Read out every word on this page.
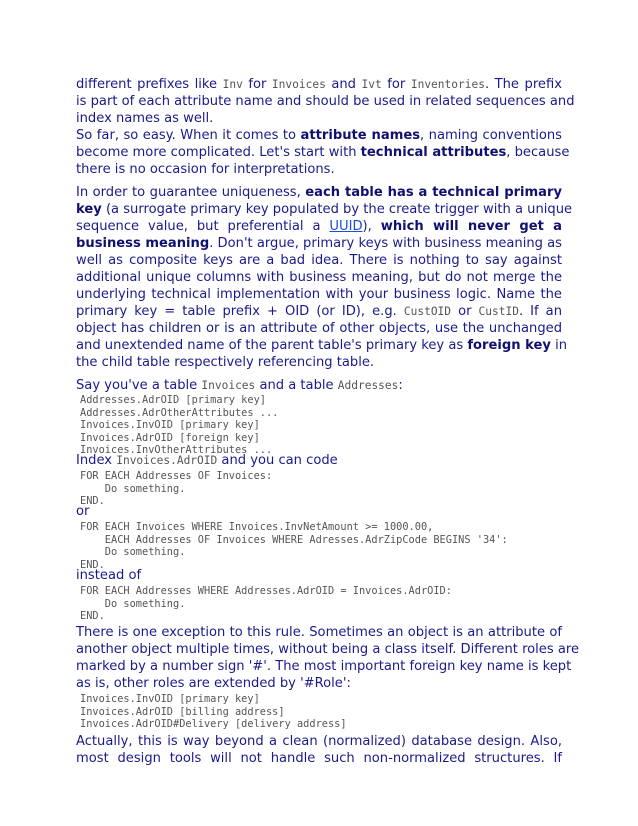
different prefixes like Inv for Invoices and Ivt for Inventories. The prefix

is part of each attribute name and should be used in related sequences and

index names as well.

So far, so easy. When it comes to attribute names, naming conventions

become more complicated. Let's start with technical attributes, because

there is no occasion for interpretations.

In order to guarantee uniqueness, each table has a technical primary

key (a surrogate primary key populated by the create trigger with a unique

sequence value, but preferential a UUID), which will never get a

business meaning. Don't argue, primary keys with business meaning as

well as composite keys are a bad idea. There is nothing to say against

additional unique columns with business meaning, but do not merge the

underlying technical implementation with your business logic. Name the

primary key = table prefix + OID (or ID), e.g. CustOID or CustID. If an

object has children or is an attribute of other objects, use the unchanged

and unextended name of the parent table's primary key as foreign key in

the child table respectively referencing table.

Say you've a table Invoices and a table Addresses:

Addresses.AdrOID [primary key]
Addresses.AdrOtherAttributes ...
Invoices.InvOID [primary key]
Invoices.AdrOID [foreign key]
Invoices.InvOtherAttributes ...

Index Invoices.AdrOID and you can code

FOR EACH Addresses OF Invoices:
Do something.
END.

or

FOR EACH Invoices WHERE Invoices.InvNetAmount >= 1000.00,
EACH Addresses OF Invoices WHERE Adresses.AdrZipCode BEGINS '34':
Do something.
END.

instead of

FOR EACH Addresses WHERE Addresses.AdrOID = Invoices.AdrOID:
Do something.
END.

There is one exception to this rule. Sometimes an object is an attribute of

another object multiple times, without being a class itself. Different roles are

marked by a number sign '#'. The most important foreign key name is kept

as is, other roles are extended by '#Role':

Invoices.InvOID [primary key]
Invoices.AdrOID [billing address]
Invoices.AdrOID#Delivery [delivery address]

Actually, this is way beyond a clean (normalized) database design. Also,

most design tools will not handle such non-normalized structures. If
